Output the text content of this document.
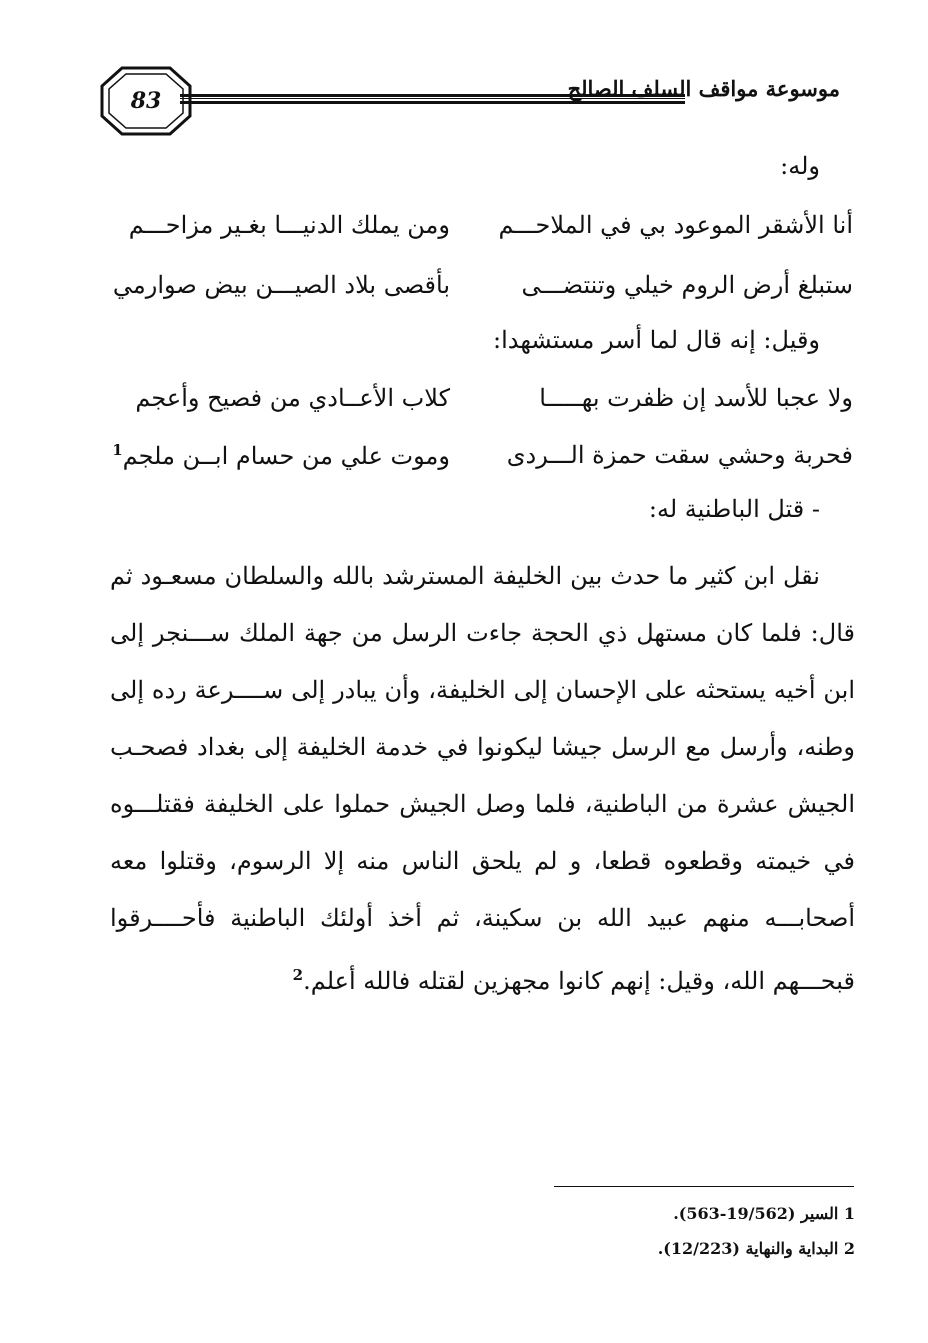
83	موسوعة مواقف السلف الصالح
وله:
أنا الأشقر الموعود بي في الملاحـــم
ومن يملك الدنيـــا بغـير مزاحـــم
ستبلغ أرض الروم خيلي وتنتضـــى
بأقصى بلاد الصيـــن بيض صوارمي
وقيل: إنه قال لما أسر مستشهدا:
ولا عجبا للأسد إن ظفرت بهـــــا
كلاب الأعــادي من فصيح وأعجم
فحربة وحشي سقت حمزة الـــردى
وموت علي من حسام ابــن ملجم$^1$
- قتل الباطنية له:
نقل ابن كثير ما حدث بين الخليفة المسترشد بالله والسلطان مسعـود ثم قال: فلما كان مستهل ذي الحجة جاءت الرسل من جهة الملك ســـنجر إلى ابن أخيه يستحثه على الإحسان إلى الخليفة، وأن يبادر إلى ســــرعة رده إلى وطنه، وأرسل مع الرسل جيشا ليكونوا في خدمة الخليفة إلى بغداد فصحـب الجيش عشرة من الباطنية، فلما وصل الجيش حملوا على الخليفة فقتلـــوه في خيمته وقطعوه قطعا، و لم يلحق الناس منه إلا الرسوم، وقتلوا معه أصحابـــه منهم عبيد الله بن سكينة، ثم أخذ أولئك الباطنية فأحــــرقوا قبحـــهم الله، وقيل: إنهم كانوا مجهزين لقتله فالله أعلم.$^2$
1 السير (19/562-563).
2 البداية والنهاية (12/223).
